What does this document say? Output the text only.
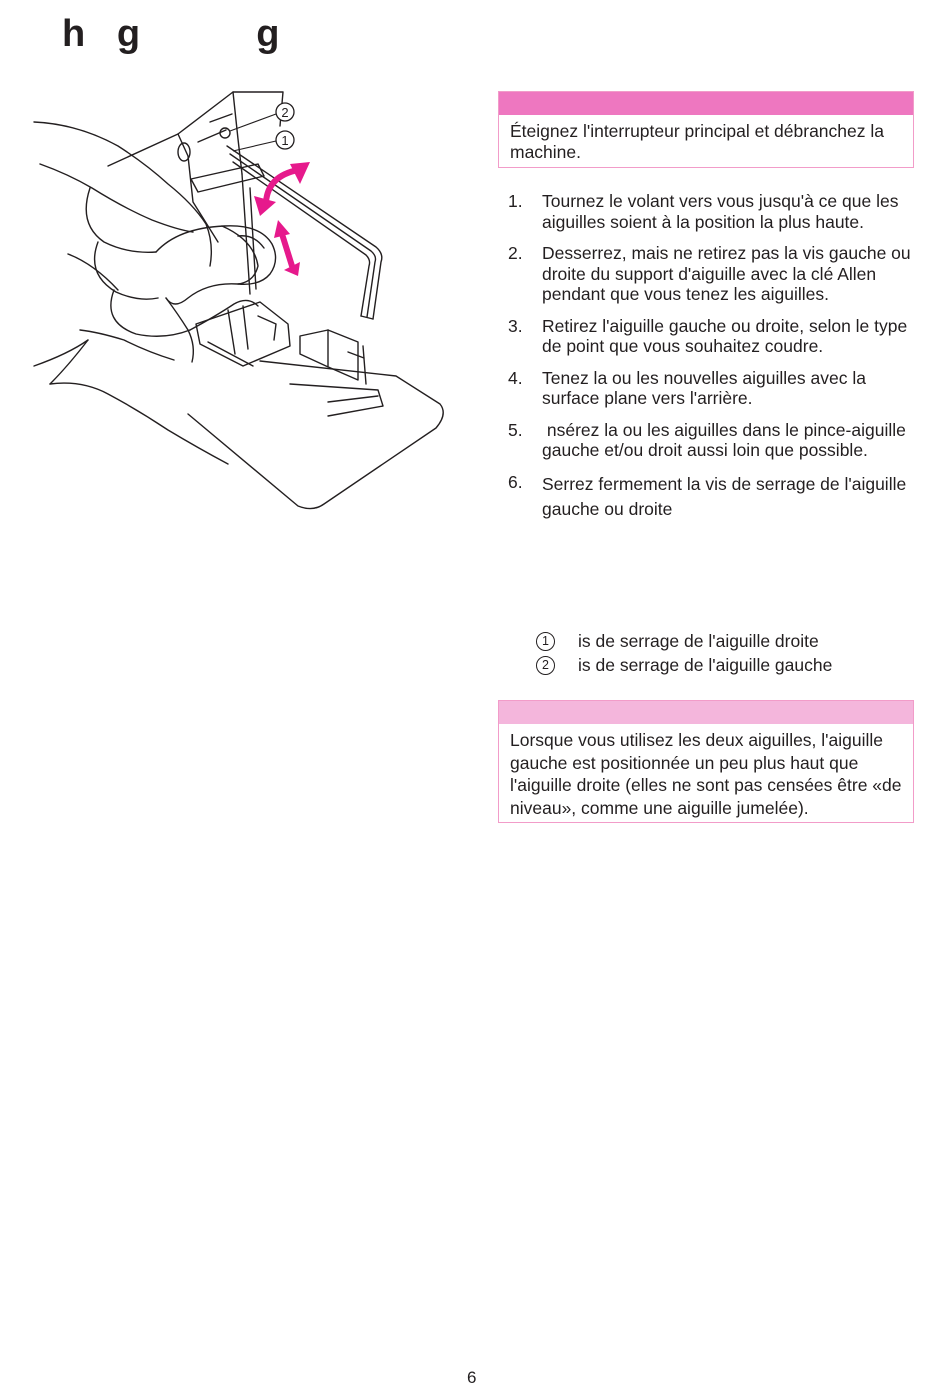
h   g           g
2
1	Éteignez l'interrupteur principal et débranchez la machine.
1.	Tournez le volant vers vous jusqu'à ce que les aiguilles soient à la position la plus haute.
2.	Desserrez, mais ne retirez pas la vis gauche ou droite du support d'aiguille avec la clé Allen pendant que vous tenez les aiguilles.
3.	Retirez l'aiguille gauche ou droite, selon le type de point que vous souhaitez coudre.
4.	Tenez la ou les nouvelles aiguilles avec la surface plane vers l'arrière.
5.	nsérez la ou les aiguilles dans le pince-aiguille gauche et/ou droit aussi loin que possible.
6.	Serrez fermement la vis de serrage de l'aiguille gauche ou droite
1	is de serrage de l'aiguille droite
2	is de serrage de l'aiguille gauche
Lorsque vous utilisez les deux aiguilles, l'aiguille gauche est positionnée un peu plus haut que l'aiguille droite (elles ne sont pas censées être «de niveau», comme une aiguille jumelée).
6
